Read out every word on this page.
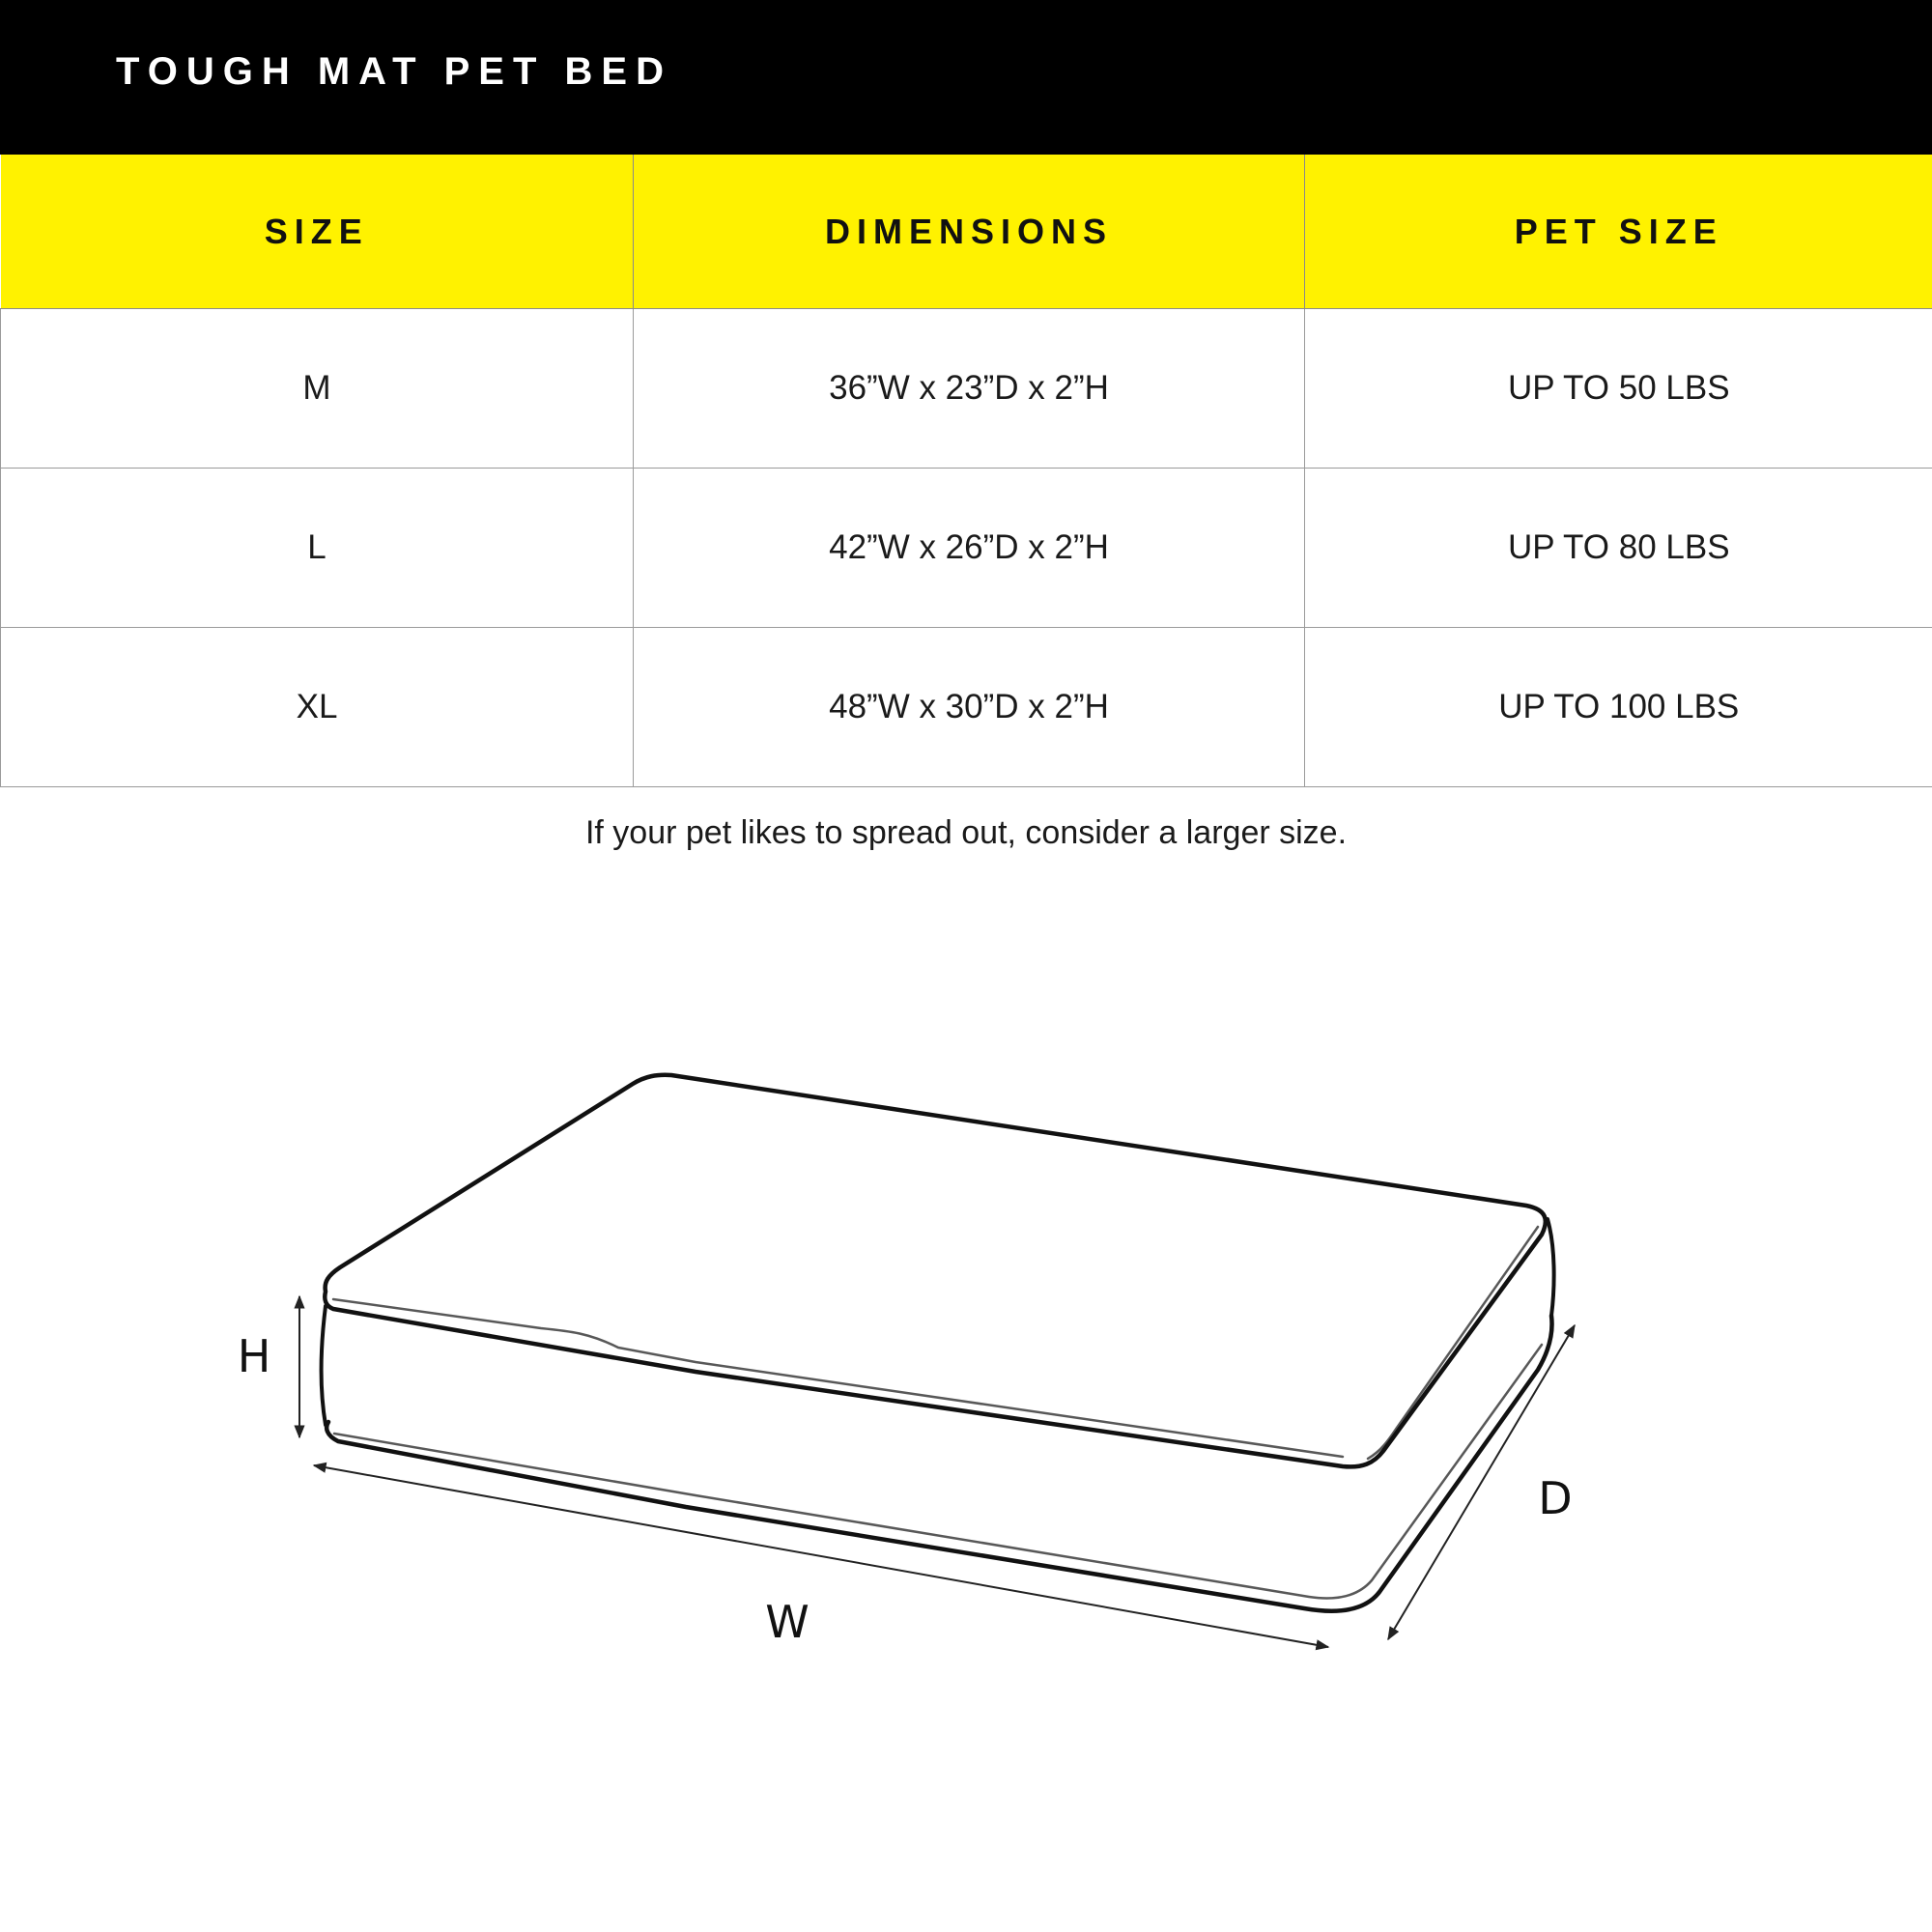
TOUGH MAT PET BED
SIZE	DIMENSIONS	PET SIZE
M	36”W x 23”D x 2”H	UP TO 50 LBS
L	42”W x 26”D x 2”H	UP TO 80 LBS
XL	48”W x 30”D x 2”H	UP TO 100 LBS
If your pet likes to spread out, consider a larger size.
H
W
D
